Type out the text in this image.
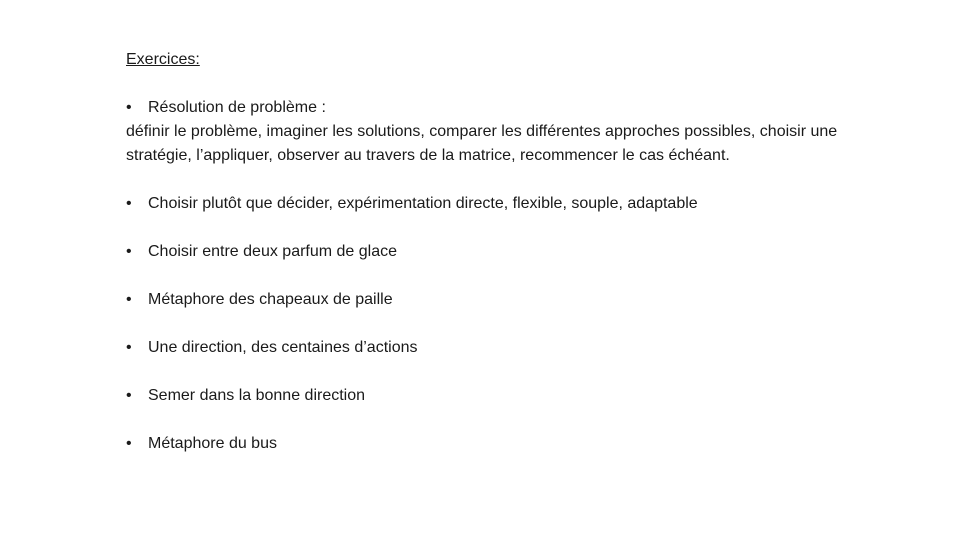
Exercices:

• Résolution de problème :
définir le problème, imaginer les solutions, comparer les différentes approches possibles, choisir une
stratégie, l’appliquer, observer au travers de la matrice, recommencer le cas échéant.
• Choisir plutôt que décider, expérimentation directe, flexible, souple, adaptable
• Choisir entre deux parfum de glace
• Métaphore des chapeaux de paille
• Une direction, des centaines d’actions
• Semer dans la bonne direction
• Métaphore du bus
